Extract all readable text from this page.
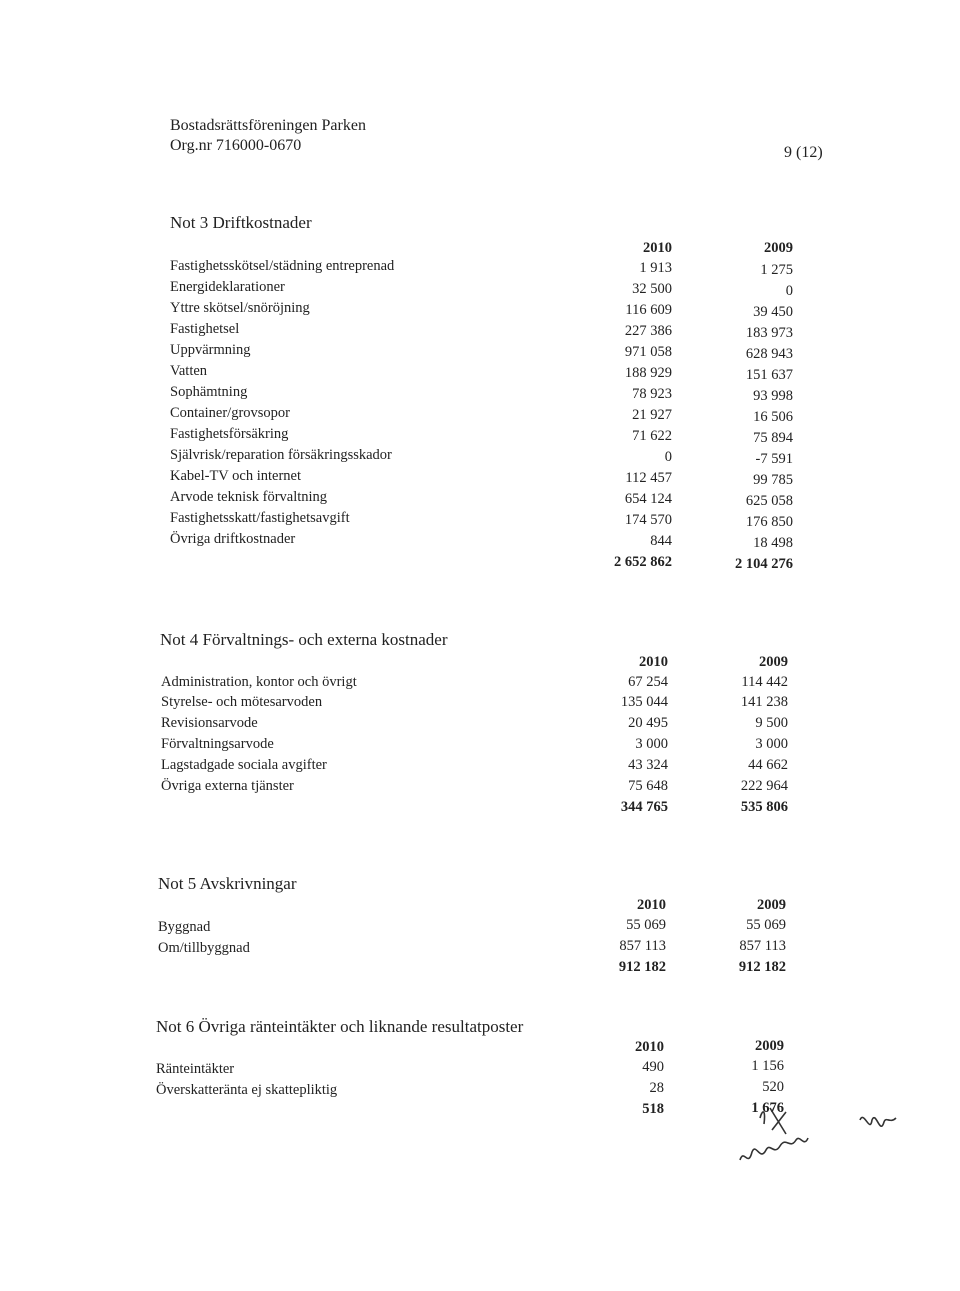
Bostadsrättsföreningen Parken
Org.nr 716000-0670	9 (12)
Not 3 Driftkostnader
2010	2009
Fastighetsskötsel/städning entreprenad	1 913	1 275
Energideklarationer	32 500	0
Yttre skötsel/snöröjning	116 609	39 450
Fastighetsel	227 386	183 973
Uppvärmning	971 058	628 943
Vatten	188 929	151 637
Sophämtning	78 923	93 998
Container/grovsopor	21 927	16 506
Fastighetsförsäkring	71 622	75 894
Självrisk/reparation försäkringsskador	0	-7 591
Kabel-TV och internet	112 457	99 785
Arvode teknisk förvaltning	654 124	625 058
Fastighetsskatt/fastighetsavgift	174 570	176 850
Övriga driftkostnader	844	18 498
2 652 862	2 104 276
Not 4 Förvaltnings- och externa kostnader
2010	2009
Administration, kontor och övrigt	67 254	114 442
Styrelse- och mötesarvoden	135 044	141 238
Revisionsarvode	20 495	9 500
Förvaltningsarvode	3 000	3 000
Lagstadgade sociala avgifter	43 324	44 662
Övriga externa tjänster	75 648	222 964
344 765	535 806
Not 5 Avskrivningar
2010	2009
Byggnad	55 069	55 069
Om/tillbyggnad	857 113	857 113
912 182	912 182
Not 6 Övriga ränteintäkter och liknande resultatposter
2010	2009
Ränteintäkter	490	1 156
Överskatteränta ej skattepliktig	28	520
518	1 676
